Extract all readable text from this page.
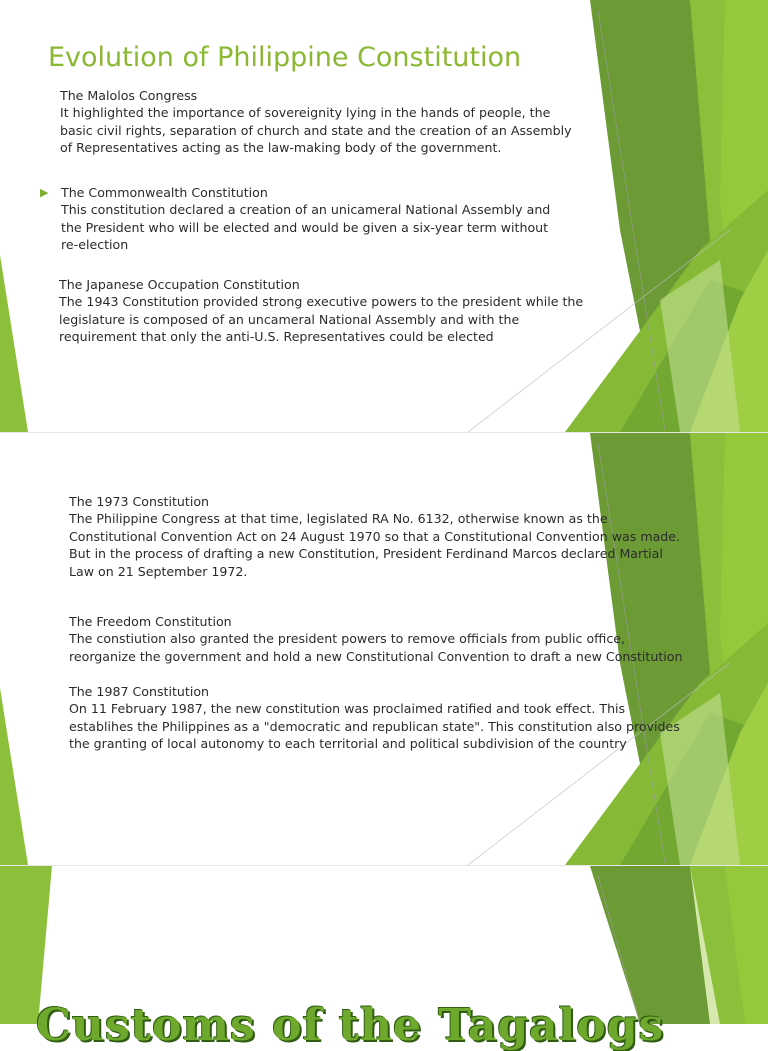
Evolution of Philippine Constitution
The Malolos Congress
It highlighted the importance of sovereignity lying in the hands of people, the
basic civil rights, separation of church and state and the creation of an Assembly
of Representatives acting as the law-making body of the government.
▶ The Commonwealth Constitution
This constitution declared a creation of an unicameral National Assembly and
the President who will be elected and would be given a six-year term without
re-election
The Japanese Occupation Constitution
The 1943 Constitution provided strong executive powers to the president while the
legislature is composed of an uncameral National Assembly and with the
requirement that only the anti-U.S. Representatives could be elected
The 1973 Constitution
The Philippine Congress at that time, legislated RA No. 6132, otherwise known as the
Constitutional Convention Act on 24 August 1970 so that a Constitutional Convention was made.
But in the process of drafting a new Constitution, President Ferdinand Marcos declared Martial
Law on 21 September 1972.
The Freedom Constitution
The constiution also granted the president powers to remove officials from public office,
reorganize the government and hold a new Constitutional Convention to draft a new Constitution
The 1987 Constitution
On 11 February 1987, the new constitution was proclaimed ratified and took effect. This
establihes the Philippines as a "democratic and republican state". This constitution also provides
the granting of local autonomy to each territorial and political subdivision of the country
Customs of the Tagalogs
